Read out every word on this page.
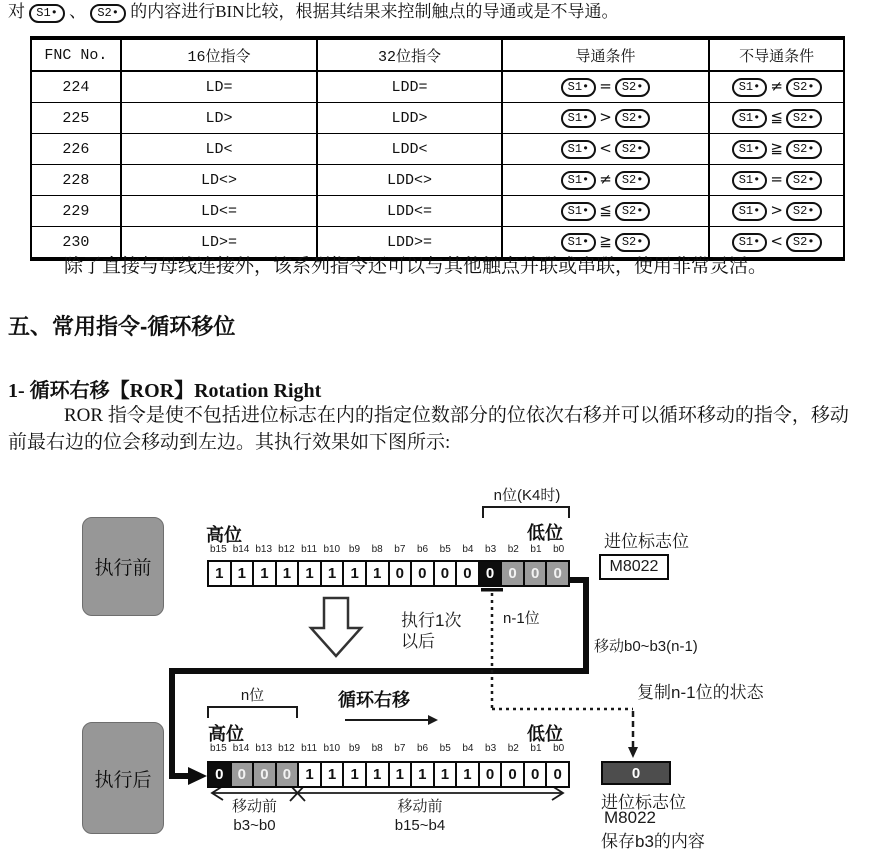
对 S1• 、 S2• 的内容进行BIN比较，根据其结果来控制触点的导通或是不导通。

FNC No.	16位指令	32位指令	导通条件	不导通条件
224	LD=	LDD=	S1• = S2•	S1• ≠ S2•
225	LD>	LDD>	S1• > S2•	S1• ≦ S2•
226	LD<	LDD<	S1• < S2•	S1• ≧ S2•
228	LD<>	LDD<>	S1• ≠ S2•	S1• = S2•
229	LD<=	LDD<=	S1• ≦ S2•	S1• > S2•
230	LD>=	LDD>=	S1• ≧ S2•	S1• < S2•

除了直接与母线连接外，该系列指令还可以与其他触点并联或串联，使用非常灵活。

五、常用指令-循环移位
1- 循环右移【ROR】Rotation Right

ROR 指令是使不包括进位标志在内的指定位数部分的位依次右移并可以循环移动的指令，移动前最右边的位会移动到左边。其执行效果如下图所示:

执行前
n位(K4时)
高位	低位
b15 b14 b13 b12 b11 b10 b9	b8	b7	b6	b5	b4	b3	b2	b1	b0
1 1 1 1 1 1 1 1 0 0 0 0 0 0 0 0
进位标志位
M8022
执行1次
以后
n-1位
移动b0~b3(n-1)
复制n-1位的状态
n位	循环右移
执行后
高位	低位
b15 b14 b13 b12 b11 b10 b9	b8	b7	b6	b5	b4	b3	b2	b1	b0
0 0 0 0 1 1 1 1 1 1 1 1 0 0 0 0
移动前
b3~b0
移动前
b15~b4
0
进位标志位
M8022
保存b3的内容
